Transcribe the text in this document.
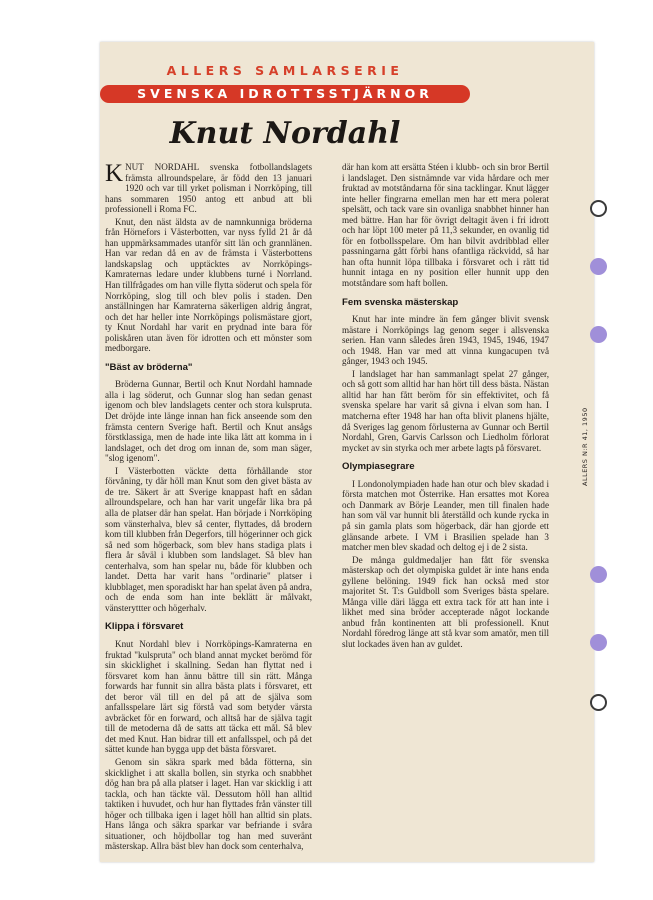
ALLERS SAMLARSERIE
SVENSKA IDROTTSSTJÄRNOR
Knut Nordahl

KNUT NORDAHL svenska fotbollandslagets främsta allroundspelare, är född den 13 januari 1920 och var till yrket polisman i Norrköping, till hans sommaren 1950 antog ett anbud att bli professionell i Roma FC.

Knut, den näst äldsta av de namnkunniga bröderna från Hörnefors i Västerbotten, var nyss fylld 21 år då han uppmärksammades utanför sitt län och grannlänen. Han var redan då en av de främsta i Västerbottens landskapslag och upptäcktes av Norrköpings-Kamraternas ledare under klubbens turné i Norrland. Han tillfrågades om han ville flytta söderut och spela för Norrköping, slog till och blev polis i staden. Den anställningen har Kamraterna säkerligen aldrig ångrat, och det har heller inte Norrköpings polismästare gjort, ty Knut Nordahl har varit en prydnad inte bara för poliskåren utan även för idrotten och ett mönster som medborgare.

"Bäst av bröderna"

Bröderna Gunnar, Bertil och Knut Nordahl hamnade alla i lag söderut, och Gunnar slog han sedan genast igenom och blev landslagets center och stora kulspruta. Det dröjde inte länge innan han fick anseende som den främsta centern Sverige haft. Bertil och Knut ansågs förstklassiga, men de hade inte lika lätt att komma in i landslaget, och det drog om innan de, som man säger, "slog igenom".

I Västerbotten väckte detta förhållande stor förvåning, ty där höll man Knut som den givet bästa av de tre. Säkert är att Sverige knappast haft en sådan allroundspelare, och han har varit ungefär lika bra på alla de platser där han spelat. Han började i Norrköping som vänsterhalva, blev så center, flyttades, då brodern kom till klubben från Degerfors, till högerinner och gick så ned som högerback, som blev hans stadiga plats i flera år såväl i klubben som landslaget. Så blev han centerhalva, som han spelar nu, både för klubben och landet. Detta har varit hans "ordinarie" platser i klubblaget, men sporadiskt har han spelat även på andra, och de enda som han inte beklätt är målvakt, vänsteryttter och högerhalv.

Klippa i försvaret

Knut Nordahl blev i Norrköpings-Kamraterna en fruktad "kulspruta" och bland annat mycket berömd för sin skicklighet i skallning. Sedan han flyttat ned i försvaret kom han ännu bättre till sin rätt. Många forwards har funnit sin allra bästa plats i försvaret, ett det beror väl till en del på att de själva som anfallsspelare lärt sig förstå vad som betyder värsta avbräcket för en forward, och alltså har de själva tagit till de metoderna då de satts att täcka ett mål. Så blev det med Knut. Han bidrar till ett anfallsspel, och på det sättet kunde han bygga upp det bästa försvaret.

Genom sin säkra spark med båda fötterna, sin skicklighet i att skalla bollen, sin styrka och snabbhet dög han bra på alla platser i laget. Han var skicklig i att tackla, och han täckte väl. Dessutom höll han alltid taktiken i huvudet, och hur han flyttades från vänster till höger och tillbaka igen i laget höll han alltid sin plats. Hans långa och säkra sparkar var befriande i svåra situationer, och höjdbollar tog han med suveränt mästerskap. Allra bäst blev han dock som centerhalva,

där han kom att ersätta Stéen i klubb- och sin bror Bertil i landslaget. Den sistnämnde var vida hårdare och mer fruktad av motståndarna för sina tacklingar. Knut lägger inte heller fingrarna emellan men har ett mera polerat spelsätt, och tack vare sin ovanliga snabbhet hinner han med bättre. Han har för övrigt deltagit även i fri idrott och har löpt 100 meter på 11,3 sekunder, en ovanlig tid för en fotbollsspelare. Om han bilvit avdribblad eller passningarna gått förbi hans ofantliga räckvidd, så har han ofta hunnit löpa tillbaka i försvaret och i rätt tid hunnit intaga en ny position eller hunnit upp den motståndare som haft bollen.

Fem svenska mästerskap

Knut har inte mindre än fem gånger blivit svensk mästare i Norrköpings lag genom seger i allsvenska serien. Han vann således åren 1943, 1945, 1946, 1947 och 1948. Han var med att vinna kungacupen två gånger, 1943 och 1945.

I landslaget har han sammanlagt spelat 27 gånger, och så gott som alltid har han hört till dess bästa. Nästan alltid har han fått beröm för sin effektivitet, och få svenska spelare har varit så givna i elvan som han. I matcherna efter 1948 har han ofta blivit planens hjälte, då Sveriges lag genom förlusterna av Gunnar och Bertil Nordahl, Gren, Garvis Carlsson och Liedholm förlorat mycket av sin styrka och mer arbete lagts på försvaret.

Olympiasegrare

I Londonolympiaden hade han otur och blev skadad i första matchen mot Österrike. Han ersattes mot Korea och Danmark av Börje Leander, men till finalen hade han som väl var hunnit bli återställd och kunde rycka in på sin gamla plats som högerback, där han gjorde ett glänsande arbete. I VM i Brasilien spelade han 3 matcher men blev skadad och deltog ej i de 2 sista.

De många guldmedaljer han fått för svenska mästerskap och det olympiska guldet är inte hans enda gyllene belöning. 1949 fick han också med stor majoritet St. T:s Guldboll som Sveriges bästa spelare. Många ville däri lägga ett extra tack för att han inte i likhet med sina bröder accepterade något lockande anbud från kontinenten att bli professionell. Knut Nordahl föredrog länge att stå kvar som amatör, men till slut lockades även han av guldet.

ALLERS N:R 41, 1950
